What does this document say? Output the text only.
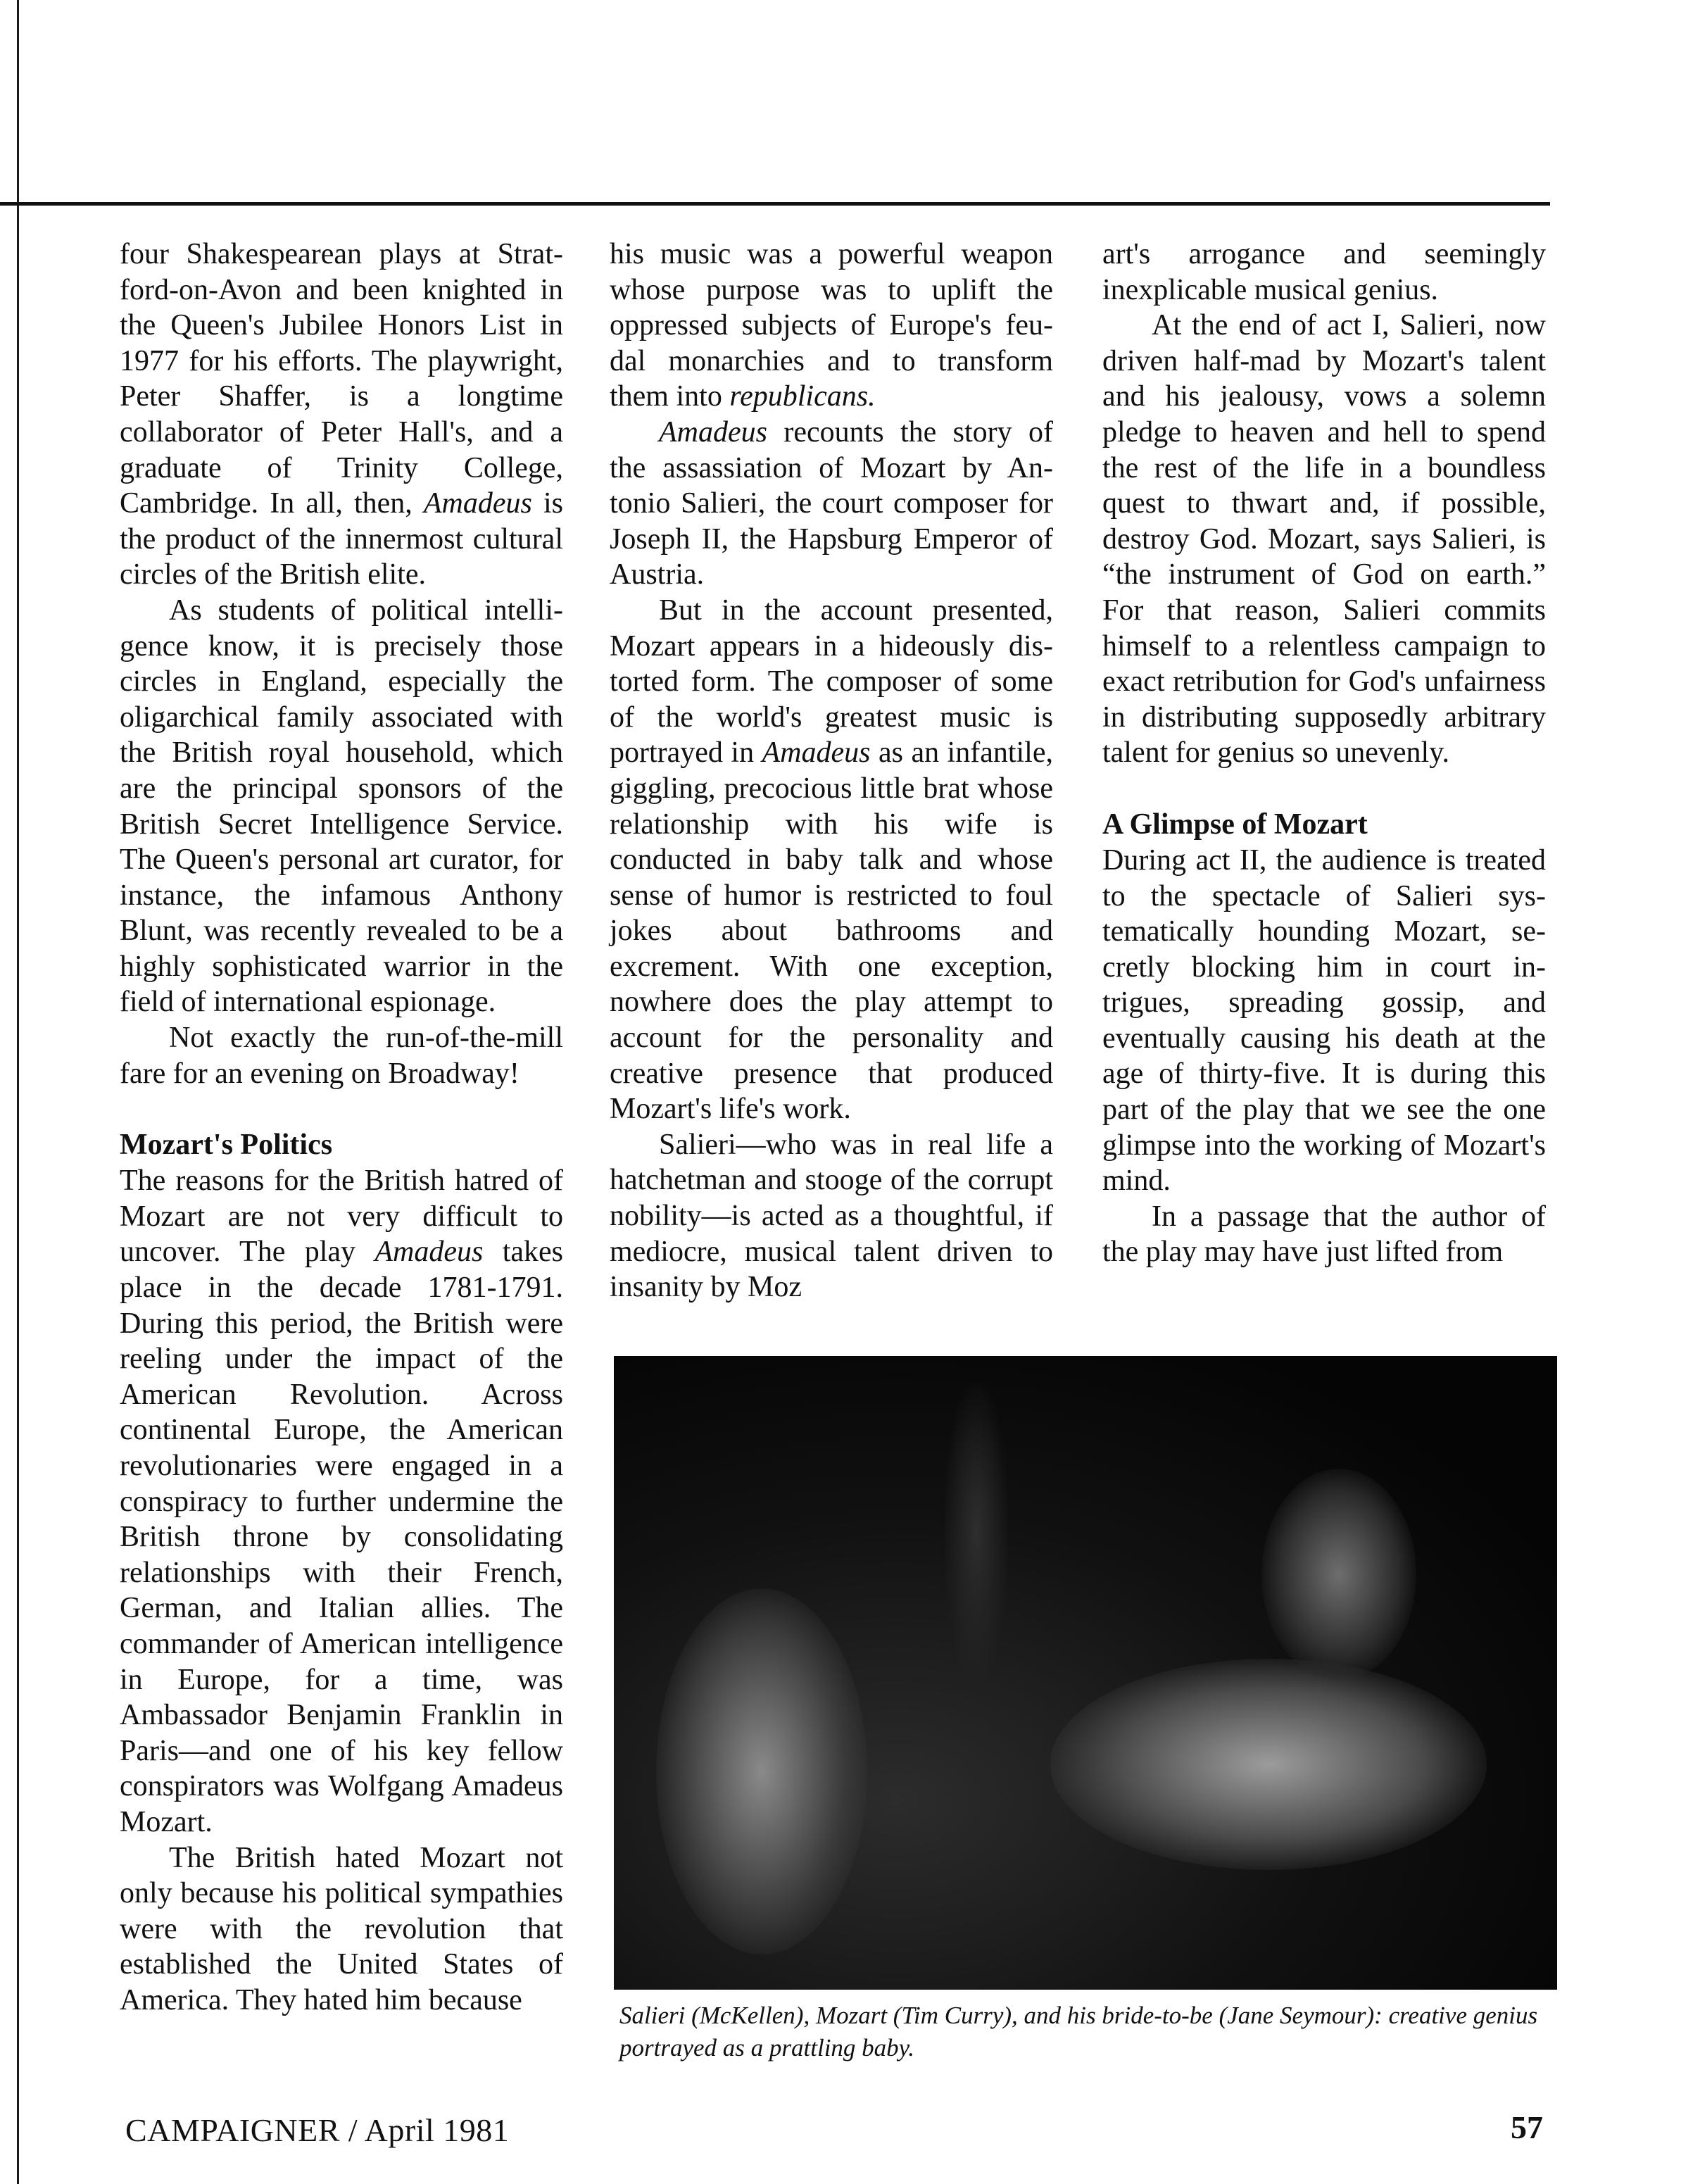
four Shakespearean plays at Stratford-on-Avon and been knighted in the Queen's Jubilee Honors List in 1977 for his efforts. The playwright, Peter Shaffer, is a longtime collaborator of Peter Hall's, and a graduate of Trinity College, Cambridge. In all, then, Amadeus is the product of the innermost cultural circles of the British elite.

As students of political intelligence know, it is precisely those circles in England, especially the oligarchical family associated with the British royal household, which are the principal sponsors of the British Secret Intelligence Service. The Queen's personal art curator, for instance, the infamous Anthony Blunt, was recently revealed to be a highly sophisticated warrior in the field of international espionage.

Not exactly the run-of-the-mill fare for an evening on Broadway!

Mozart's Politics

The reasons for the British hatred of Mozart are not very difficult to uncover. The play Amadeus takes place in the decade 1781-1791. During this period, the British were reeling under the impact of the American Revolution. Across continental Europe, the American revolutionaries were engaged in a conspiracy to further undermine the British throne by consolidating relationships with their French, German, and Italian allies. The commander of American intelligence in Europe, for a time, was Ambassador Benjamin Franklin in Paris—and one of his key fellow conspirators was Wolfgang Amadeus Mozart.

The British hated Mozart not only because his political sympathies were with the revolution that established the United States of America. They hated him because

his music was a powerful weapon whose purpose was to uplift the oppressed subjects of Europe's feudal monarchies and to transform them into republicans.

Amadeus recounts the story of the assassiation of Mozart by Antonio Salieri, the court composer for Joseph II, the Hapsburg Emperor of Austria.

But in the account presented, Mozart appears in a hideously distorted form. The composer of some of the world's greatest music is portrayed in Amadeus as an infantile, giggling, precocious little brat whose relationship with his wife is conducted in baby talk and whose sense of humor is restricted to foul jokes about bathrooms and excrement. With one exception, nowhere does the play attempt to account for the personality and creative presence that produced Mozart's life's work.

Salieri—who was in real life a hatchetman and stooge of the corrupt nobility—is acted as a thoughtful, if mediocre, musical talent driven to insanity by Moz

art's arrogance and seemingly inexplicable musical genius.

At the end of act I, Salieri, now driven half-mad by Mozart's talent and his jealousy, vows a solemn pledge to heaven and hell to spend the rest of the life in a boundless quest to thwart and, if possible, destroy God. Mozart, says Salieri, is “the instrument of God on earth.” For that reason, Salieri commits himself to a relentless campaign to exact retribution for God's unfairness in distributing supposedly arbitrary talent for genius so unevenly.

A Glimpse of Mozart

During act II, the audience is treated to the spectacle of Salieri systematically hounding Mozart, secretly blocking him in court intrigues, spreading gossip, and eventually causing his death at the age of thirty-five. It is during this part of the play that we see the one glimpse into the working of Mozart's mind.

In a passage that the author of the play may have just lifted from

Salieri (McKellen), Mozart (Tim Curry), and his bride-to-be (Jane Seymour): creative genius portrayed as a prattling baby.
CAMPAIGNER / April 1981	57
